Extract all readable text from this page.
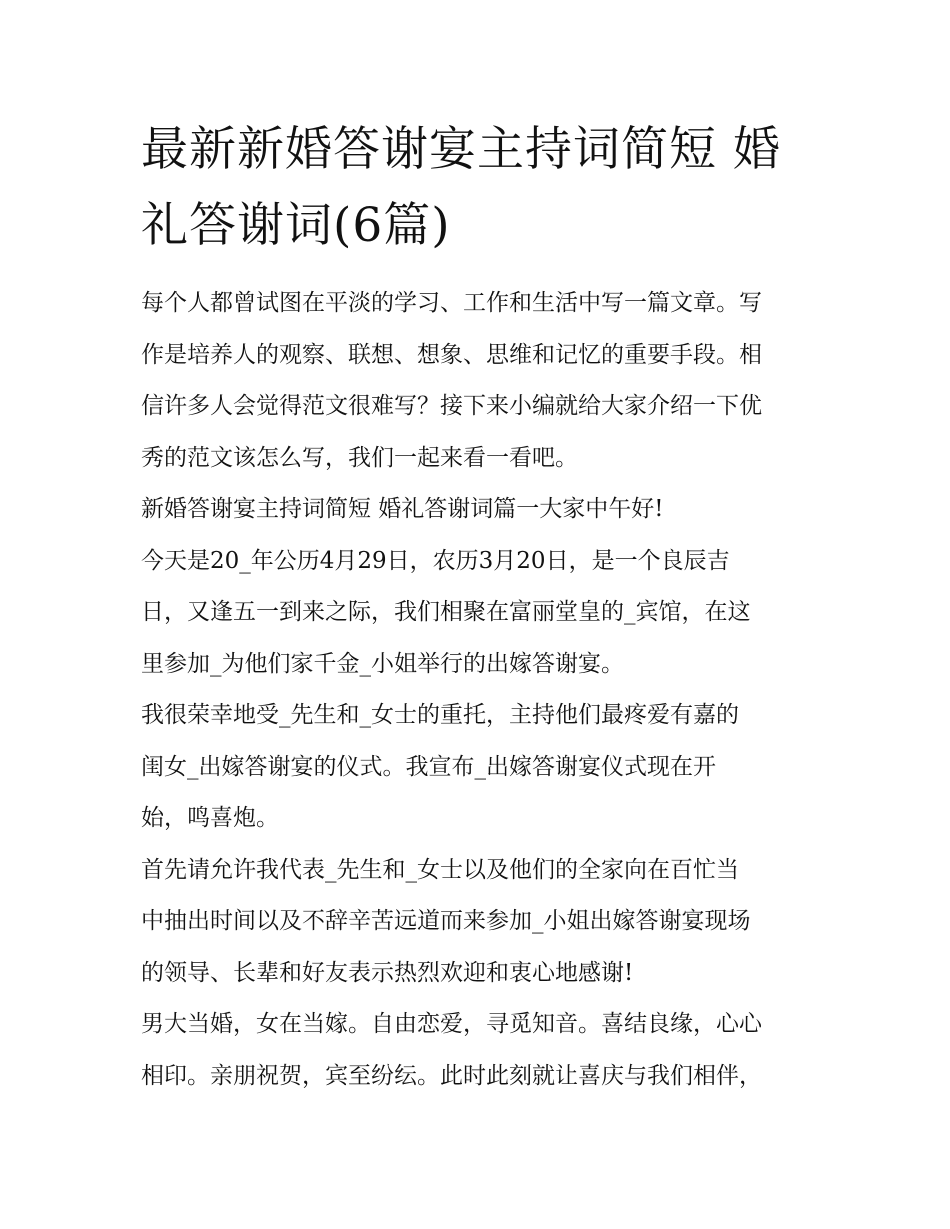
最新新婚答谢宴主持词简短 婚
礼答谢词(6篇)

每个人都曾试图在平淡的学习、工作和生活中写一篇文章。写
作是培养人的观察、联想、想象、思维和记忆的重要手段。相
信许多人会觉得范文很难写？接下来小编就给大家介绍一下优
秀的范文该怎么写，我们一起来看一看吧。

新婚答谢宴主持词简短 婚礼答谢词篇一大家中午好!

今天是20_年公历4月29日，农历3月20日，是一个良辰吉
日，又逢五一到来之际，我们相聚在富丽堂皇的_宾馆，在这
里参加_为他们家千金_小姐举行的出嫁答谢宴。

我很荣幸地受_先生和_女士的重托，主持他们最疼爱有嘉的
闺女_出嫁答谢宴的仪式。我宣布_出嫁答谢宴仪式现在开
始，鸣喜炮。

首先请允许我代表_先生和_女士以及他们的全家向在百忙当
中抽出时间以及不辞辛苦远道而来参加_小姐出嫁答谢宴现场
的领导、长辈和好友表示热烈欢迎和衷心地感谢!

男大当婚，女在当嫁。自由恋爱，寻觅知音。喜结良缘，心心
相印。亲朋祝贺，宾至纷纭。此时此刻就让喜庆与我们相伴，
